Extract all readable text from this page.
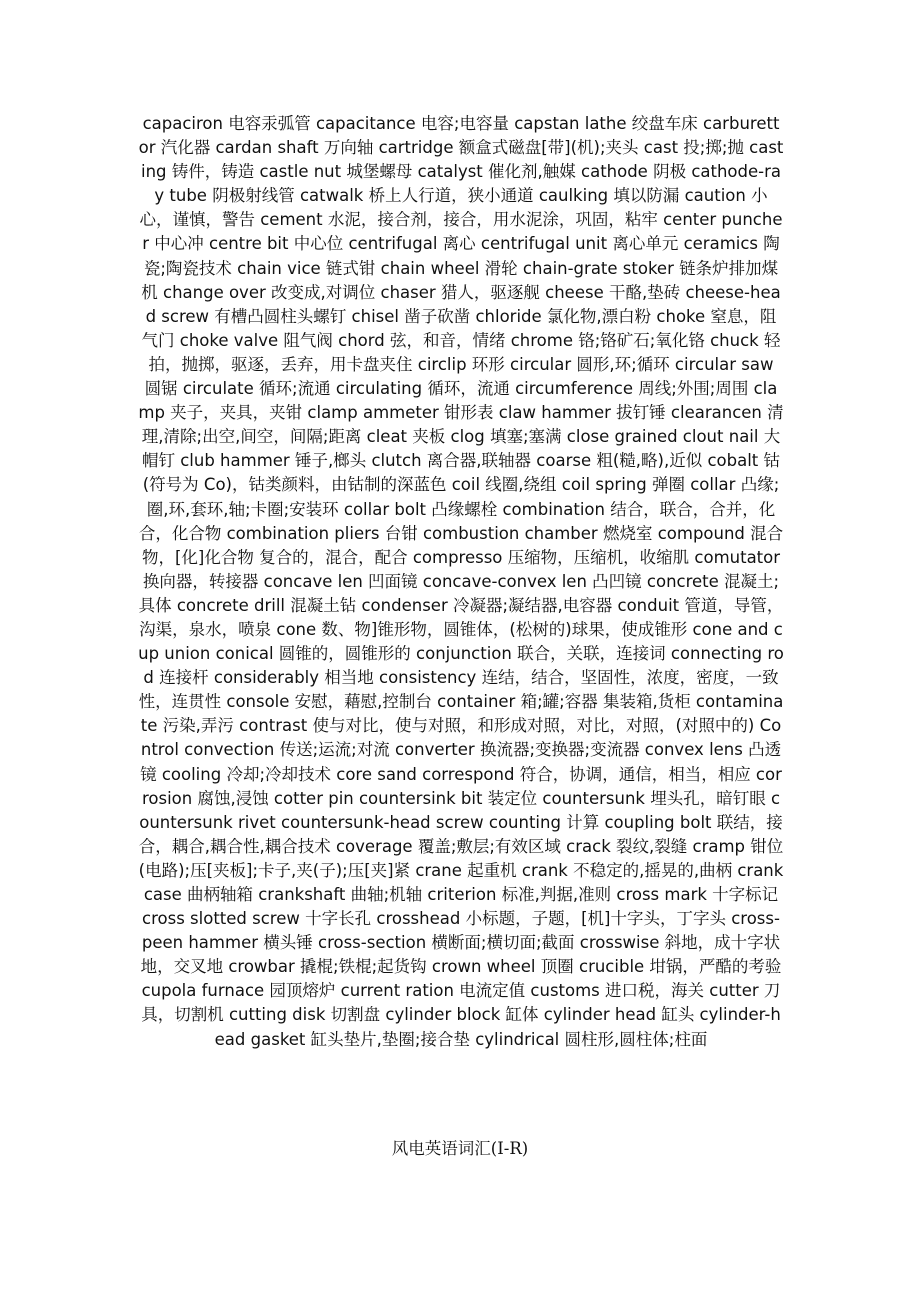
capaciron 电容汞弧管 capacitance 电容;电容量 capstan lathe 绞盘车床 carburettor 汽化器 cardan shaft 万向轴 cartridge 额盒式磁盘[带](机);夹头 cast 投;掷;抛 casting 铸件，铸造 castle nut 城堡螺母 catalyst 催化剂,触媒 cathode 阴极 cathode-ray tube 阴极射线管 catwalk 桥上人行道，狭小通道 caulking 填以防漏 caution 小心，谨慎，警告 cement 水泥，接合剂，接合，用水泥涂，巩固，粘牢 center puncher 中心冲 centre bit 中心位 centrifugal 离心 centrifugal unit 离心单元 ceramics 陶瓷;陶瓷技术 chain vice 链式钳 chain wheel 滑轮 chain-grate stoker 链条炉排加煤机 change over 改变成,对调位 chaser 猎人，驱逐舰 cheese 干酪,垫砖 cheese-head screw 有槽凸圆柱头螺钉 chisel 凿子砍凿 chloride 氯化物,漂白粉 choke 窒息，阻气门 choke valve 阻气阀 chord 弦，和音，情绪 chrome 铬;铬矿石;氧化铬 chuck 轻拍，抛掷，驱逐，丢弃，用卡盘夹住 circlip 环形 circular 圆形,环;循环 circular saw 圆锯 circulate 循环;流通 circulating 循环，流通 circumference 周线;外围;周围 clamp 夹子，夹具，夹钳 clamp ammeter 钳形表 claw hammer 拔钉锤 clearancen 清理,清除;出空,间空，间隔;距离 cleat 夹板 clog 填塞;塞满 close grained clout nail 大帽钉 club hammer 锤子,榔头 clutch 离合器,联轴器 coarse 粗(糙,略),近似 cobalt 钴(符号为 Co)，钴类颜料，由钴制的深蓝色 coil 线圈,绕组 coil spring 弹圈 collar 凸缘;圈,环,套环,轴;卡圈;安装环 collar bolt 凸缘螺栓 combination 结合，联合，合并，化合，化合物 combination pliers 台钳 combustion chamber 燃烧室 compound 混合物，[化]化合物 复合的，混合，配合 compresso 压缩物，压缩机，收缩肌 comutator 换向器，转接器 concave len 凹面镜 concave-convex len 凸凹镜 concrete 混凝土;具体 concrete drill 混凝土钻 condenser 冷凝器;凝结器,电容器 conduit 管道，导管，沟渠，泉水，喷泉 cone 数、物]锥形物，圆锥体，(松树的)球果，使成锥形 cone and cup union conical 圆锥的，圆锥形的 conjunction 联合，关联，连接词 connecting rod 连接杆 considerably 相当地 consistency 连结，结合，坚固性，浓度，密度，一致性，连贯性 console 安慰，藉慰,控制台 container 箱;罐;容器 集装箱,货柜 contaminate 污染,弄污 contrast 使与对比，使与对照，和形成对照，对比，对照，(对照中的) Control convection 传送;运流;对流 converter 换流器;变换器;变流器 convex lens 凸透镜 cooling 冷却;冷却技术 core sand correspond 符合，协调，通信，相当，相应 corrosion 腐蚀,浸蚀 cotter pin countersink bit 装定位 countersunk 埋头孔，暗钉眼 countersunk rivet countersunk-head screw counting 计算 coupling bolt 联结，接合，耦合,耦合性,耦合技术 coverage 覆盖;敷层;有效区域 crack 裂纹,裂缝 cramp 钳位(电路);压[夹板];卡子,夹(子);压[夹]紧 crane 起重机 crank 不稳定的,摇晃的,曲柄 crankcase 曲柄轴箱 crankshaft 曲轴;机轴 criterion 标准,判据,准则 cross mark 十字标记 cross slotted screw 十字长孔 crosshead 小标题，子题，[机]十字头，丁字头 cross-peen hammer 横头锤 cross-section 横断面;横切面;截面 crosswise 斜地，成十字状地，交叉地 crowbar 撬棍;铁棍;起货钩 crown wheel 顶圈 crucible 坩锅，严酷的考验 cupola furnace 园顶熔炉 current ration 电流定值 customs 进口税，海关 cutter 刀具，切割机 cutting disk 切割盘 cylinder block 缸体 cylinder head 缸头 cylinder-head gasket 缸头垫片,垫圈;接合垫 cylindrical 圆柱形,圆柱体;柱面
风电英语词汇(I-R)
